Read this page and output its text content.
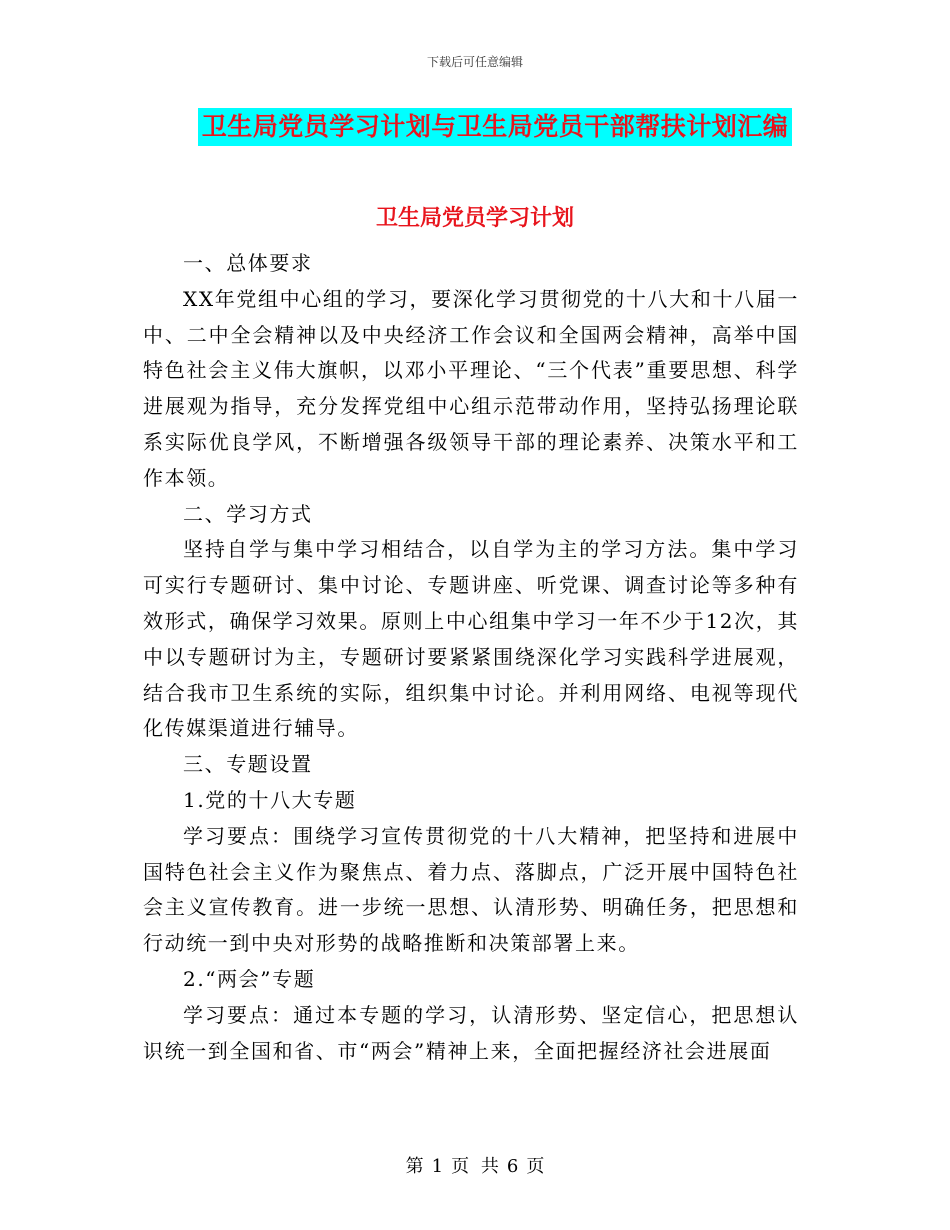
下载后可任意编辑
卫生局党员学习计划与卫生局党员干部帮扶计划汇编
卫生局党员学习计划

一、总体要求

XX年党组中心组的学习，要深化学习贯彻党的十八大和十八届一中、二中全会精神以及中央经济工作会议和全国两会精神，高举中国特色社会主义伟大旗帜，以邓小平理论、“三个代表”重要思想、科学进展观为指导，充分发挥党组中心组示范带动作用，坚持弘扬理论联系实际优良学风，不断增强各级领导干部的理论素养、决策水平和工作本领。

二、学习方式

坚持自学与集中学习相结合，以自学为主的学习方法。集中学习可实行专题研讨、集中讨论、专题讲座、听党课、调查讨论等多种有效形式，确保学习效果。原则上中心组集中学习一年不少于12次，其中以专题研讨为主，专题研讨要紧紧围绕深化学习实践科学进展观，结合我市卫生系统的实际，组织集中讨论。并利用网络、电视等现代化传媒渠道进行辅导。

三、专题设置

1.党的十八大专题

学习要点：围绕学习宣传贯彻党的十八大精神，把坚持和进展中国特色社会主义作为聚焦点、着力点、落脚点，广泛开展中国特色社会主义宣传教育。进一步统一思想、认清形势、明确任务，把思想和行动统一到中央对形势的战略推断和决策部署上来。

2.“两会”专题

学习要点：通过本专题的学习，认清形势、坚定信心，把思想认识统一到全国和省、市“两会”精神上来，全面把握经济社会进展面

第 1 页 共 6 页
